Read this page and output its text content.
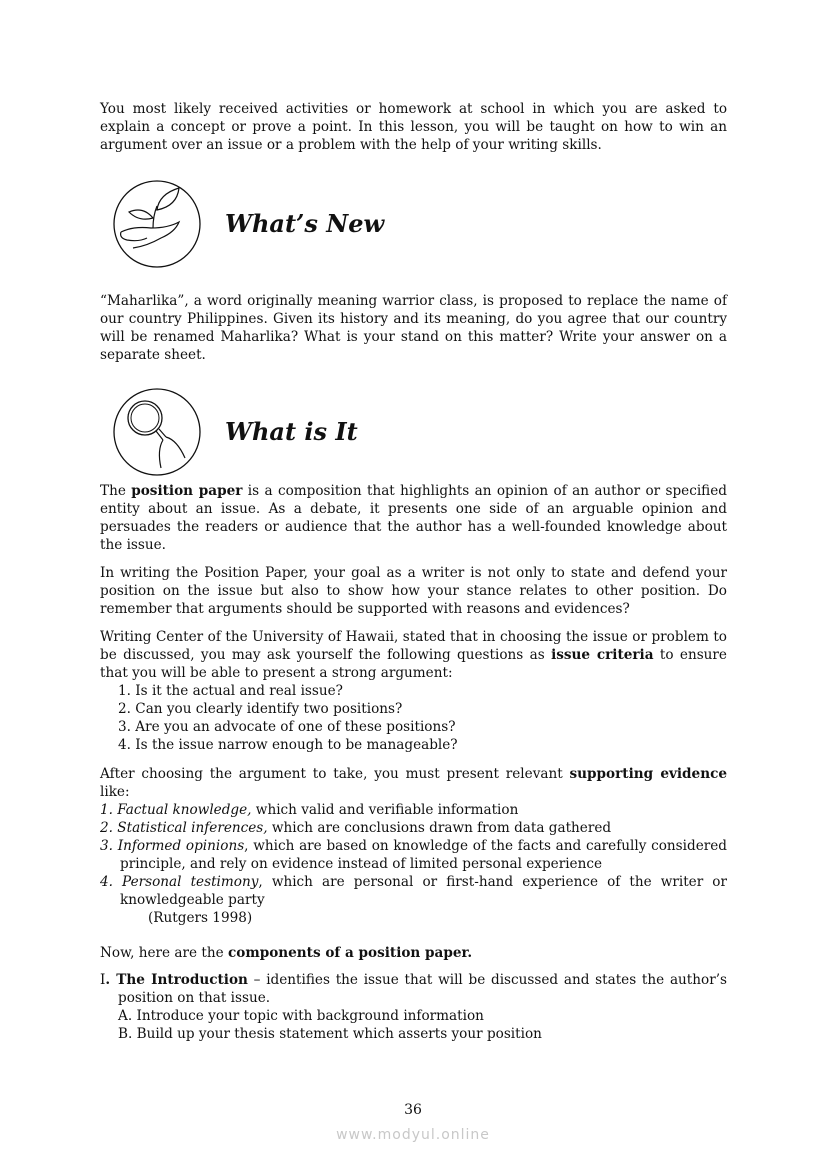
You most likely received activities or homework at school in which you are asked to explain a concept or prove a point. In this lesson, you will be taught on how to win an argument over an issue or a problem with the help of your writing skills.

What’s New

“Maharlika”, a word originally meaning warrior class, is proposed to replace the name of our country Philippines. Given its history and its meaning, do you agree that our country will be renamed Maharlika? What is your stand on this matter? Write your answer on a separate sheet.

What is It

The position paper is a composition that highlights an opinion of an author or specified entity about an issue. As a debate, it presents one side of an arguable opinion and persuades the readers or audience that the author has a well-founded knowledge about the issue.

In writing the Position Paper, your goal as a writer is not only to state and defend your position on the issue but also to show how your stance relates to other position. Do remember that arguments should be supported with reasons and evidences?

Writing Center of the University of Hawaii, stated that in choosing the issue or problem to be discussed, you may ask yourself the following questions as issue criteria to ensure that you will be able to present a strong argument:

1. Is it the actual and real issue?
2. Can you clearly identify two positions?
3. Are you an advocate of one of these positions?
4. Is the issue narrow enough to be manageable?

After choosing the argument to take, you must present relevant supporting evidence like:

1. Factual knowledge, which valid and verifiable information
2. Statistical inferences, which are conclusions drawn from data gathered
3. Informed opinions, which are based on knowledge of the facts and carefully considered principle, and rely on evidence instead of limited personal experience
4. Personal testimony, which are personal or first-hand experience of the writer or knowledgeable party

(Rutgers 1998)

Now, here are the components of a position paper.

I. The Introduction – identifies the issue that will be discussed and states the author’s position on that issue.

A. Introduce your topic with background information
B. Build up your thesis statement which asserts your position
36
www.modyul.online
